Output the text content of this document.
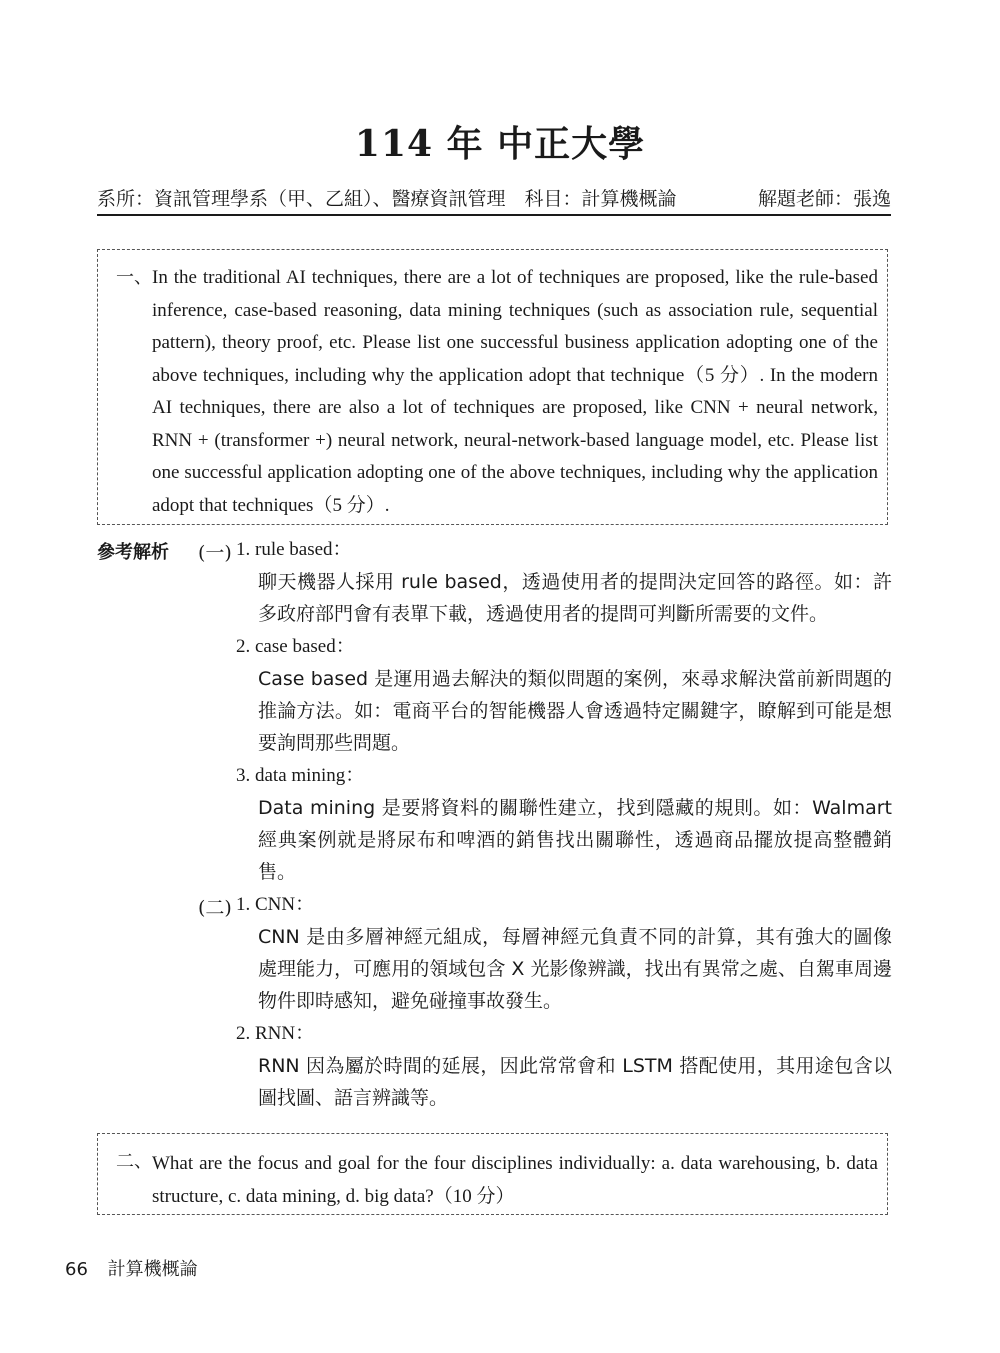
114 年 中正大學
系所：資訊管理學系（甲、乙組）、醫療資訊管理　科目：計算機概論	解題老師：張逸
一、 In the traditional AI techniques, there are a lot of techniques are proposed, like the rule-based inference, case-based reasoning, data mining techniques (such as association rule, sequential pattern), theory proof, etc. Please list one successful business application adopting one of the above techniques, including why the application adopt that technique（5 分）. In the modern AI techniques, there are also a lot of techniques are proposed, like CNN + neural network, RNN + (transformer +) neural network, neural-network-based language model, etc. Please list one successful application adopting one of the above techniques, including why the application adopt that techniques（5 分）.
參考解析 (一) 1. rule based：
聊天機器人採用 rule based，透過使用者的提問決定回答的路徑。如：許多政府部門會有表單下載，透過使用者的提問可判斷所需要的文件。
2. case based：
Case based 是運用過去解決的類似問題的案例，來尋求解決當前新問題的推論方法。如：電商平台的智能機器人會透過特定關鍵字，瞭解到可能是想要詢問那些問題。
3. data mining：
Data mining 是要將資料的關聯性建立，找到隱藏的規則。如：Walmart 經典案例就是將尿布和啤酒的銷售找出關聯性，透過商品擺放提高整體銷售。
(二) 1. CNN：
CNN 是由多層神經元組成，每層神經元負責不同的計算，其有強大的圖像處理能力，可應用的領域包含 X 光影像辨識，找出有異常之處、自駕車周邊物件即時感知，避免碰撞事故發生。
2. RNN：
RNN 因為屬於時間的延展，因此常常會和 LSTM 搭配使用，其用途包含以圖找圖、語言辨識等。
二、 What are the focus and goal for the four disciplines individually: a. data warehousing, b. data structure, c. data mining, d. big data?（10 分）
66 計算機概論
